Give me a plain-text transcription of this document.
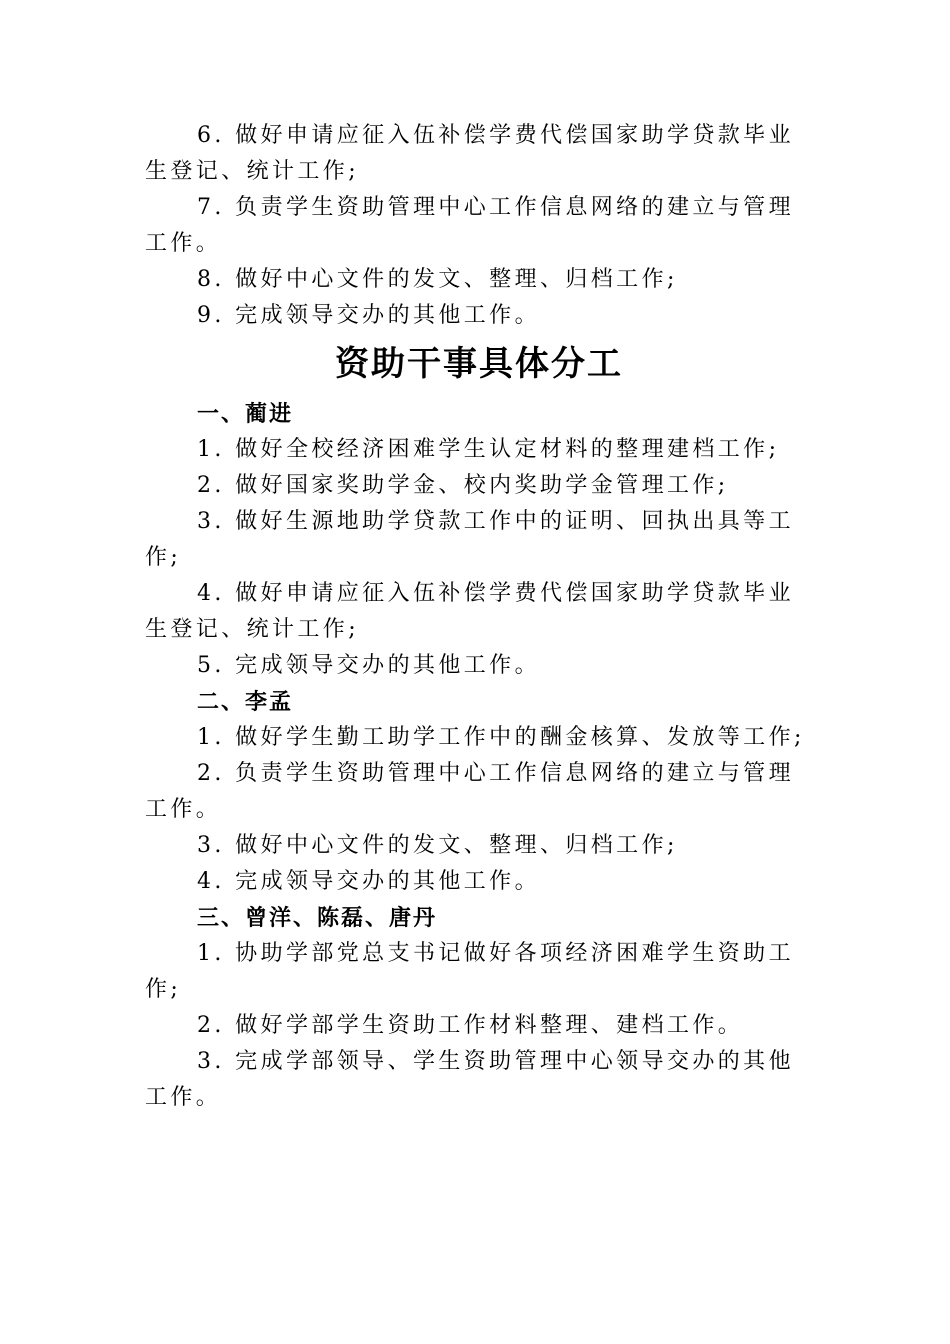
6. 做好申请应征入伍补偿学费代偿国家助学贷款毕业生登记、统计工作;

7. 负责学生资助管理中心工作信息网络的建立与管理工作。

8. 做好中心文件的发文、整理、归档工作;

9. 完成领导交办的其他工作。

资助干事具体分工

一、蔺进

1. 做好全校经济困难学生认定材料的整理建档工作;

2. 做好国家奖助学金、校内奖助学金管理工作;

3. 做好生源地助学贷款工作中的证明、回执出具等工作;

4. 做好申请应征入伍补偿学费代偿国家助学贷款毕业生登记、统计工作;

5. 完成领导交办的其他工作。

二、李孟

1. 做好学生勤工助学工作中的酬金核算、发放等工作;

2. 负责学生资助管理中心工作信息网络的建立与管理工作。

3. 做好中心文件的发文、整理、归档工作;

4. 完成领导交办的其他工作。

三、曾洋、陈磊、唐丹

1. 协助学部党总支书记做好各项经济困难学生资助工作;

2. 做好学部学生资助工作材料整理、建档工作。

3. 完成学部领导、学生资助管理中心领导交办的其他工作。
